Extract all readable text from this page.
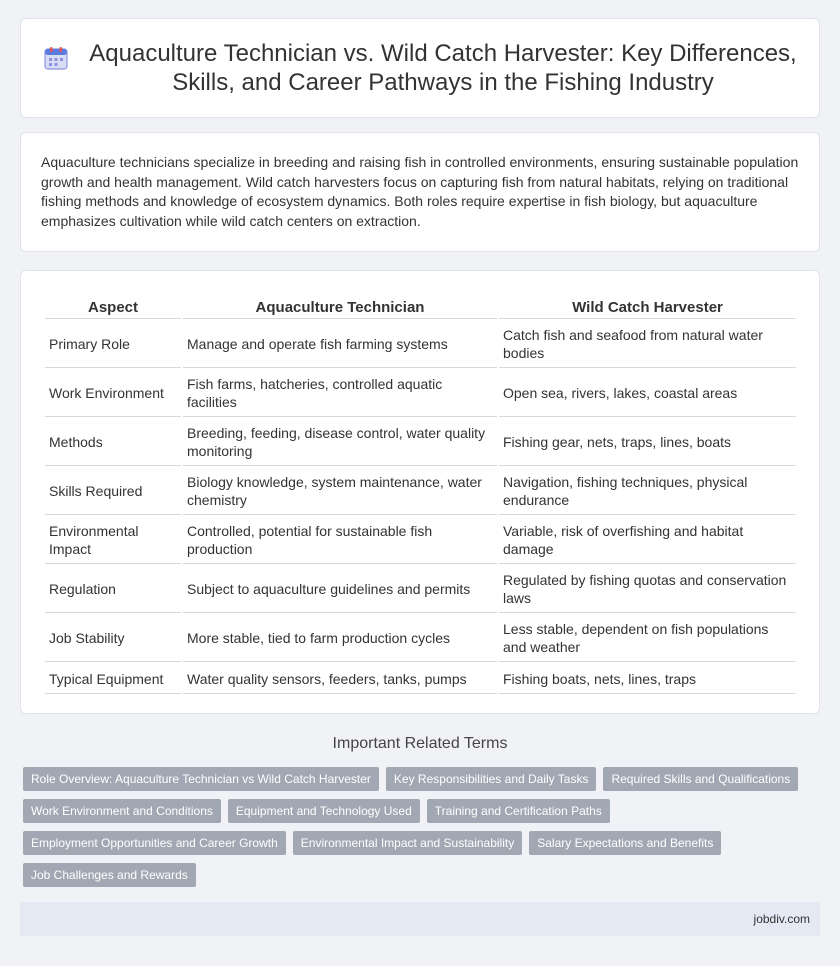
Aquaculture Technician vs. Wild Catch Harvester: Key Differences,
Skills, and Career Pathways in the Fishing Industry

Aquaculture technicians specialize in breeding and raising fish in controlled environments, ensuring sustainable population growth and health management. Wild catch harvesters focus on capturing fish from natural habitats, relying on traditional fishing methods and knowledge of ecosystem dynamics. Both roles require expertise in fish biology, but aquaculture emphasizes cultivation while wild catch centers on extraction.

Aspect	Aquaculture Technician	Wild Catch Harvester
Primary Role	Manage and operate fish farming systems	Catch fish and seafood from natural water bodies
Work Environment	Fish farms, hatcheries, controlled aquatic facilities	Open sea, rivers, lakes, coastal areas
Methods	Breeding, feeding, disease control, water quality monitoring	Fishing gear, nets, traps, lines, boats
Skills Required	Biology knowledge, system maintenance, water chemistry	Navigation, fishing techniques, physical endurance
Environmental Impact	Controlled, potential for sustainable fish production	Variable, risk of overfishing and habitat damage
Regulation	Subject to aquaculture guidelines and permits	Regulated by fishing quotas and conservation laws
Job Stability	More stable, tied to farm production cycles	Less stable, dependent on fish populations and weather
Typical Equipment	Water quality sensors, feeders, tanks, pumps	Fishing boats, nets, lines, traps
Important Related Terms
Role Overview: Aquaculture Technician vs Wild Catch Harvester	Key Responsibilities and Daily Tasks	Required Skills and Qualifications
Work Environment and Conditions	Equipment and Technology Used	Training and Certification Paths
Employment Opportunities and Career Growth	Environmental Impact and Sustainability	Salary Expectations and Benefits
Job Challenges and Rewards
jobdiv.com
